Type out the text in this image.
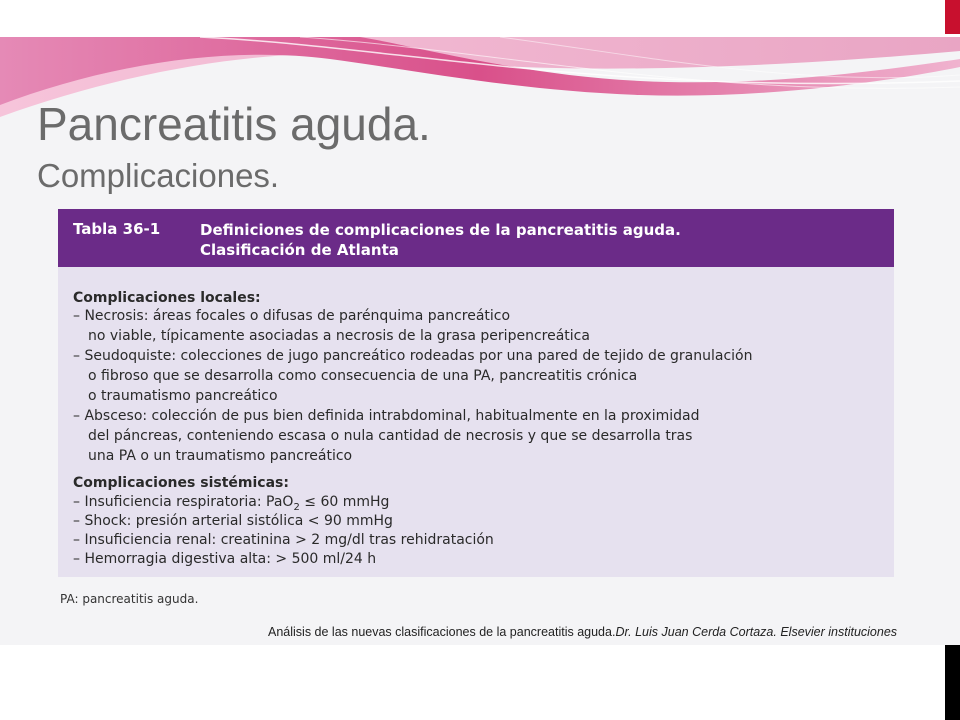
Pancreatitis aguda.
Complicaciones.
Tabla 36-1	Definiciones de complicaciones de la pancreatitis aguda.
Clasificación de Atlanta
Complicaciones locales:
– Necrosis: áreas focales o difusas de parénquima pancreático
no viable, típicamente asociadas a necrosis de la grasa peripencreática
– Seudoquiste: colecciones de jugo pancreático rodeadas por una pared de tejido de granulación
o fibroso que se desarrolla como consecuencia de una PA, pancreatitis crónica
o traumatismo pancreático
– Absceso: colección de pus bien definida intrabdominal, habitualmente en la proximidad
del páncreas, conteniendo escasa o nula cantidad de necrosis y que se desarrolla tras
una PA o un traumatismo pancreático
Complicaciones sistémicas:
– Insuficiencia respiratoria: PaO$_2$ ≤ 60 mmHg
– Shock: presión arterial sistólica < 90 mmHg
– Insuficiencia renal: creatinina > 2 mg/dl tras rehidratación
– Hemorragia digestiva alta: > 500 ml/24 h
PA: pancreatitis aguda.
Análisis de las nuevas clasificaciones de la pancreatitis aguda.Dr. Luis Juan Cerda Cortaza. Elsevier instituciones
